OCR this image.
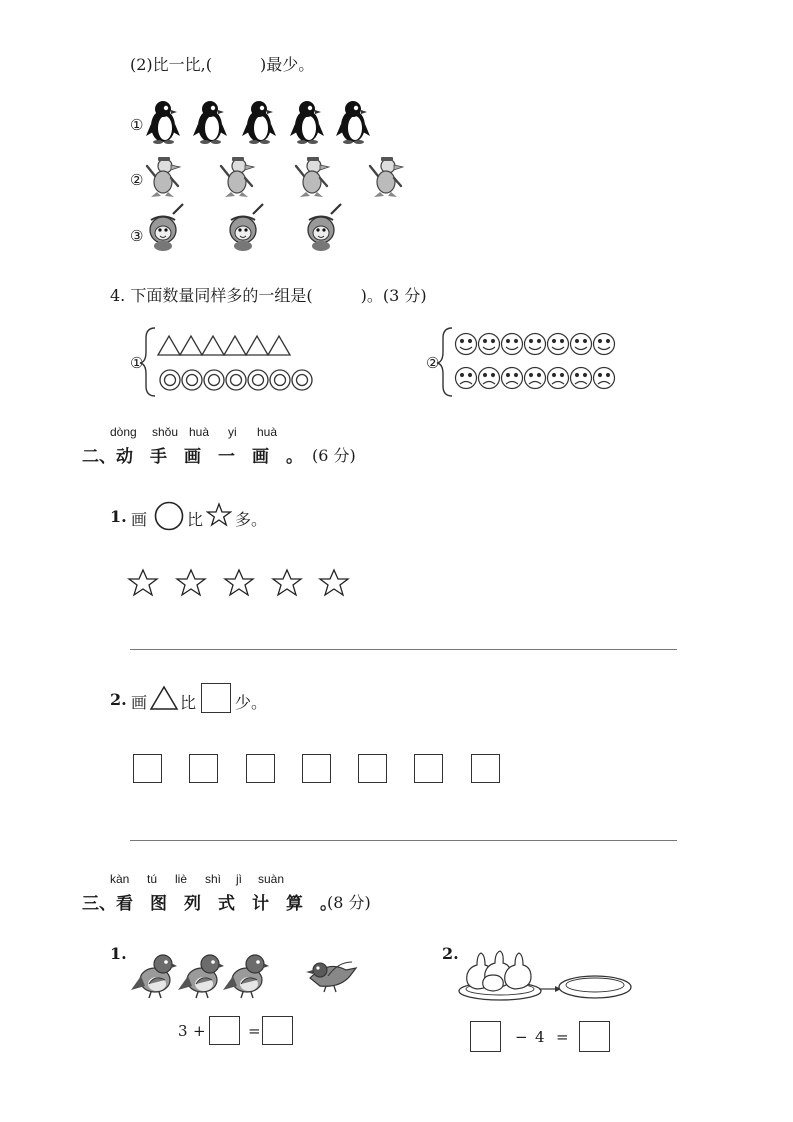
(2)比一比,(　　　)最少。
①
②
③
4. 下面数量同样多的一组是(　　　)。(3 分)
①	②
dòng shǒu huà yi huà
二、动　手　画　一　画　。 (6 分)
1. 画 比 多。
2. 画 比 少。
kàn tú liè shì jì suàn
三、看　图　列　式　计　算　。
(8 分)
1.
3 +	=
2.
− 4 =
